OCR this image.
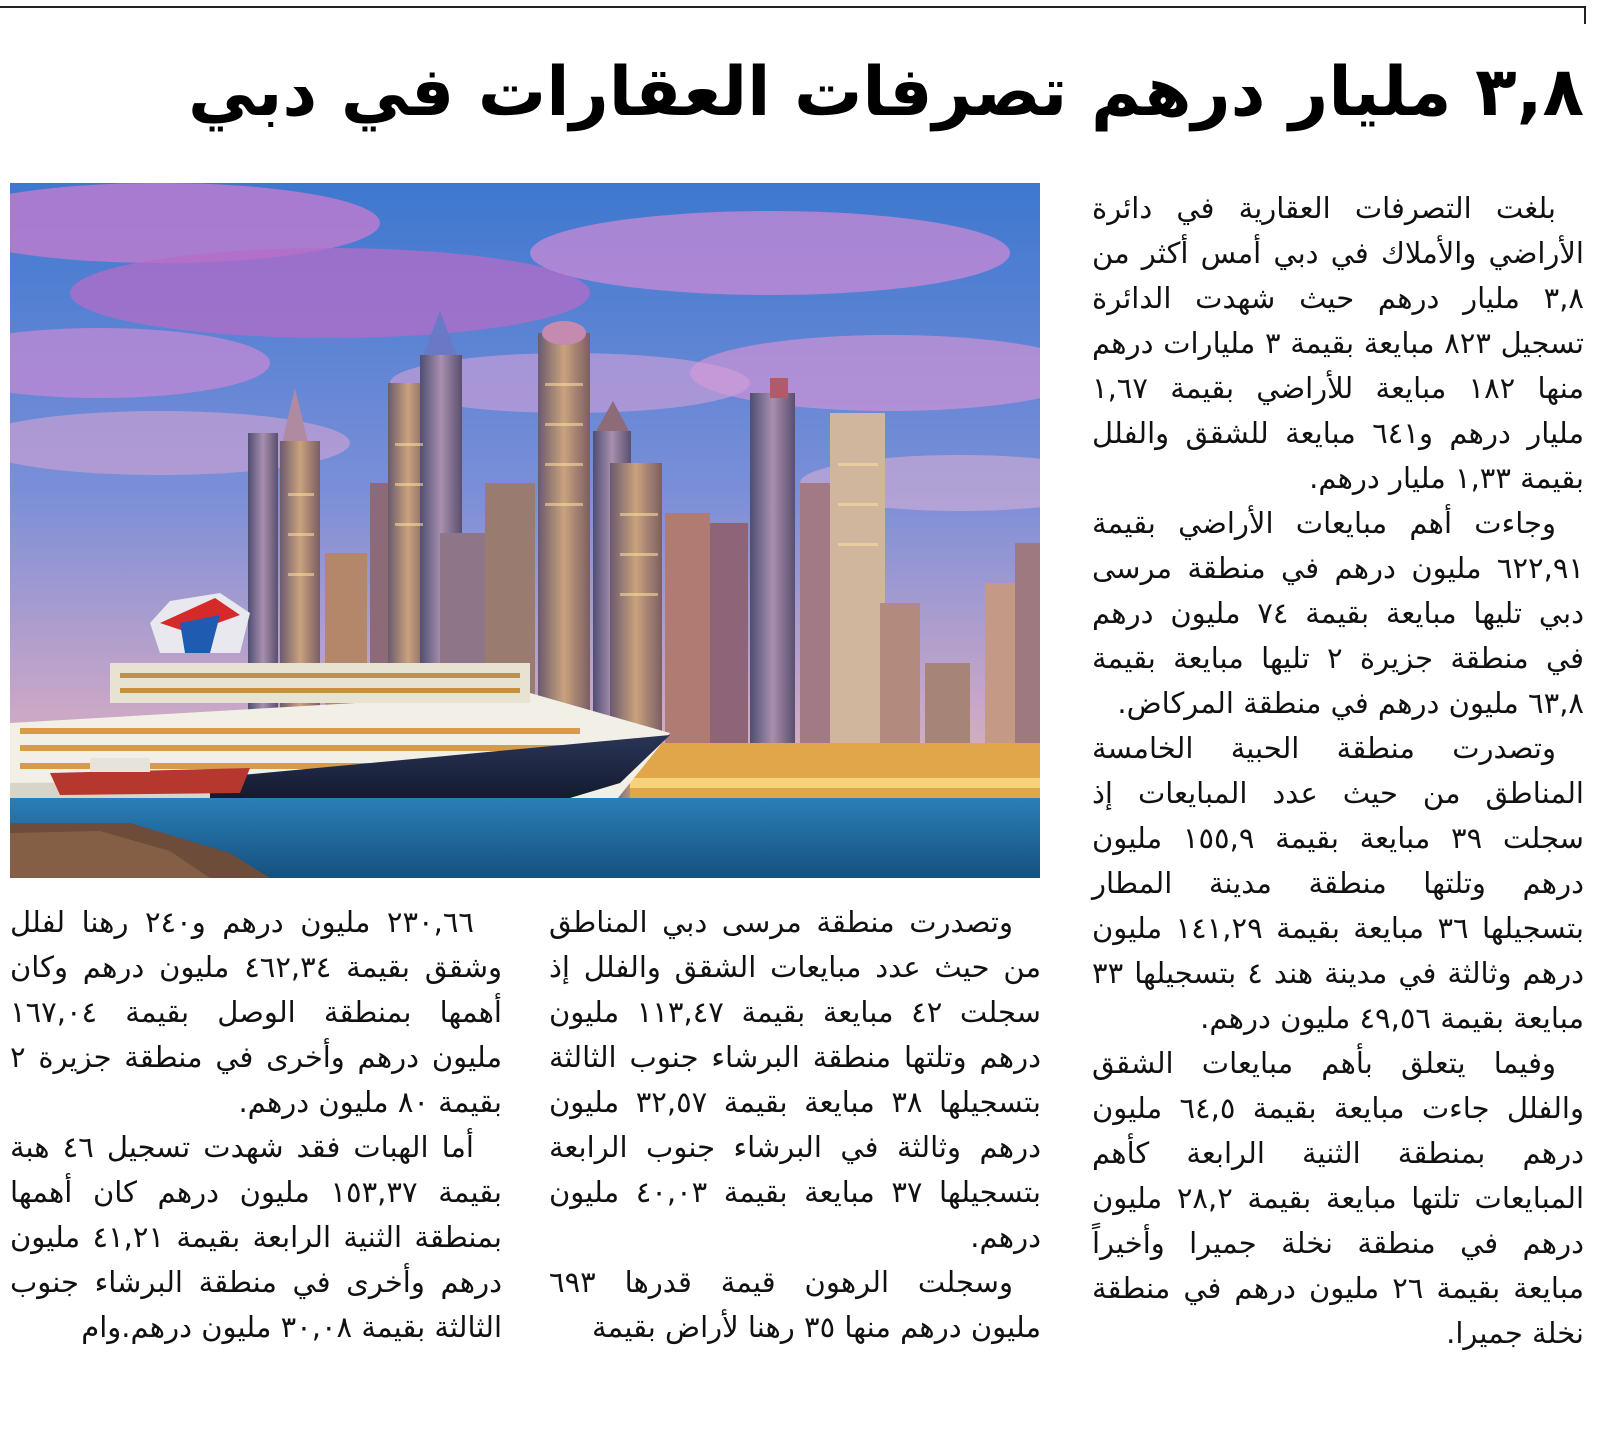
٣,٨ مليار درهم تصرفات العقارات في دبي

بلغت التصرفات العقارية في دائرة الأراضي والأملاك في دبي أمس أكثر من ٣,٨ مليار درهم حيث شهدت الدائرة تسجيل ٨٢٣ مبايعة بقيمة ٣ مليارات درهم منها ١٨٢ مبايعة للأراضي بقيمة ١,٦٧ مليار درهم و٦٤١ مبايعة للشقق والفلل بقيمة ١,٣٣ مليار درهم.

وجاءت أهم مبايعات الأراضي بقيمة ٦٢٢,٩١ مليون درهم في منطقة مرسى دبي تليها مبايعة بقيمة ٧٤ مليون درهم في منطقة جزيرة ٢ تليها مبايعة بقيمة ٦٣,٨ مليون درهم في منطقة المركاض.

وتصدرت منطقة الحبية الخامسة المناطق من حيث عدد المبايعات إذ سجلت ٣٩ مبايعة بقيمة ١٥٥,٩ مليون درهم وتلتها منطقة مدينة المطار بتسجيلها ٣٦ مبايعة بقيمة ١٤١,٢٩ مليون درهم وثالثة في مدينة هند ٤ بتسجيلها ٣٣ مبايعة بقيمة ٤٩,٥٦ مليون درهم.

وفيما يتعلق بأهم مبايعات الشقق والفلل جاءت مبايعة بقيمة ٦٤,٥ مليون درهم بمنطقة الثنية الرابعة كأهم المبايعات تلتها مبايعة بقيمة ٢٨,٢ مليون درهم في منطقة نخلة جميرا وأخيراً مبايعة بقيمة ٢٦ مليون درهم في منطقة نخلة جميرا.

وتصدرت منطقة مرسى دبي المناطق من حيث عدد مبايعات الشقق والفلل إذ سجلت ٤٢ مبايعة بقيمة ١١٣,٤٧ مليون درهم وتلتها منطقة البرشاء جنوب الثالثة بتسجيلها ٣٨ مبايعة بقيمة ٣٢,٥٧ مليون درهم وثالثة في البرشاء جنوب الرابعة بتسجيلها ٣٧ مبايعة بقيمة ٤٠,٠٣ مليون درهم.

وسجلت الرهون قيمة قدرها ٦٩٣ مليون درهم منها ٣٥ رهنا لأراض بقيمة

٢٣٠,٦٦ مليون درهم و٢٤٠ رهنا لفلل وشقق بقيمة ٤٦٢,٣٤ مليون درهم وكان أهمها بمنطقة الوصل بقيمة ١٦٧,٠٤ مليون درهم وأخرى في منطقة جزيرة ٢ بقيمة ٨٠ مليون درهم.

أما الهبات فقد شهدت تسجيل ٤٦ هبة بقيمة ١٥٣,٣٧ مليون درهم كان أهمها بمنطقة الثنية الرابعة بقيمة ٤١,٢١ مليون درهم وأخرى في منطقة البرشاء جنوب الثالثة بقيمة ٣٠,٠٨ مليون درهم.وام
